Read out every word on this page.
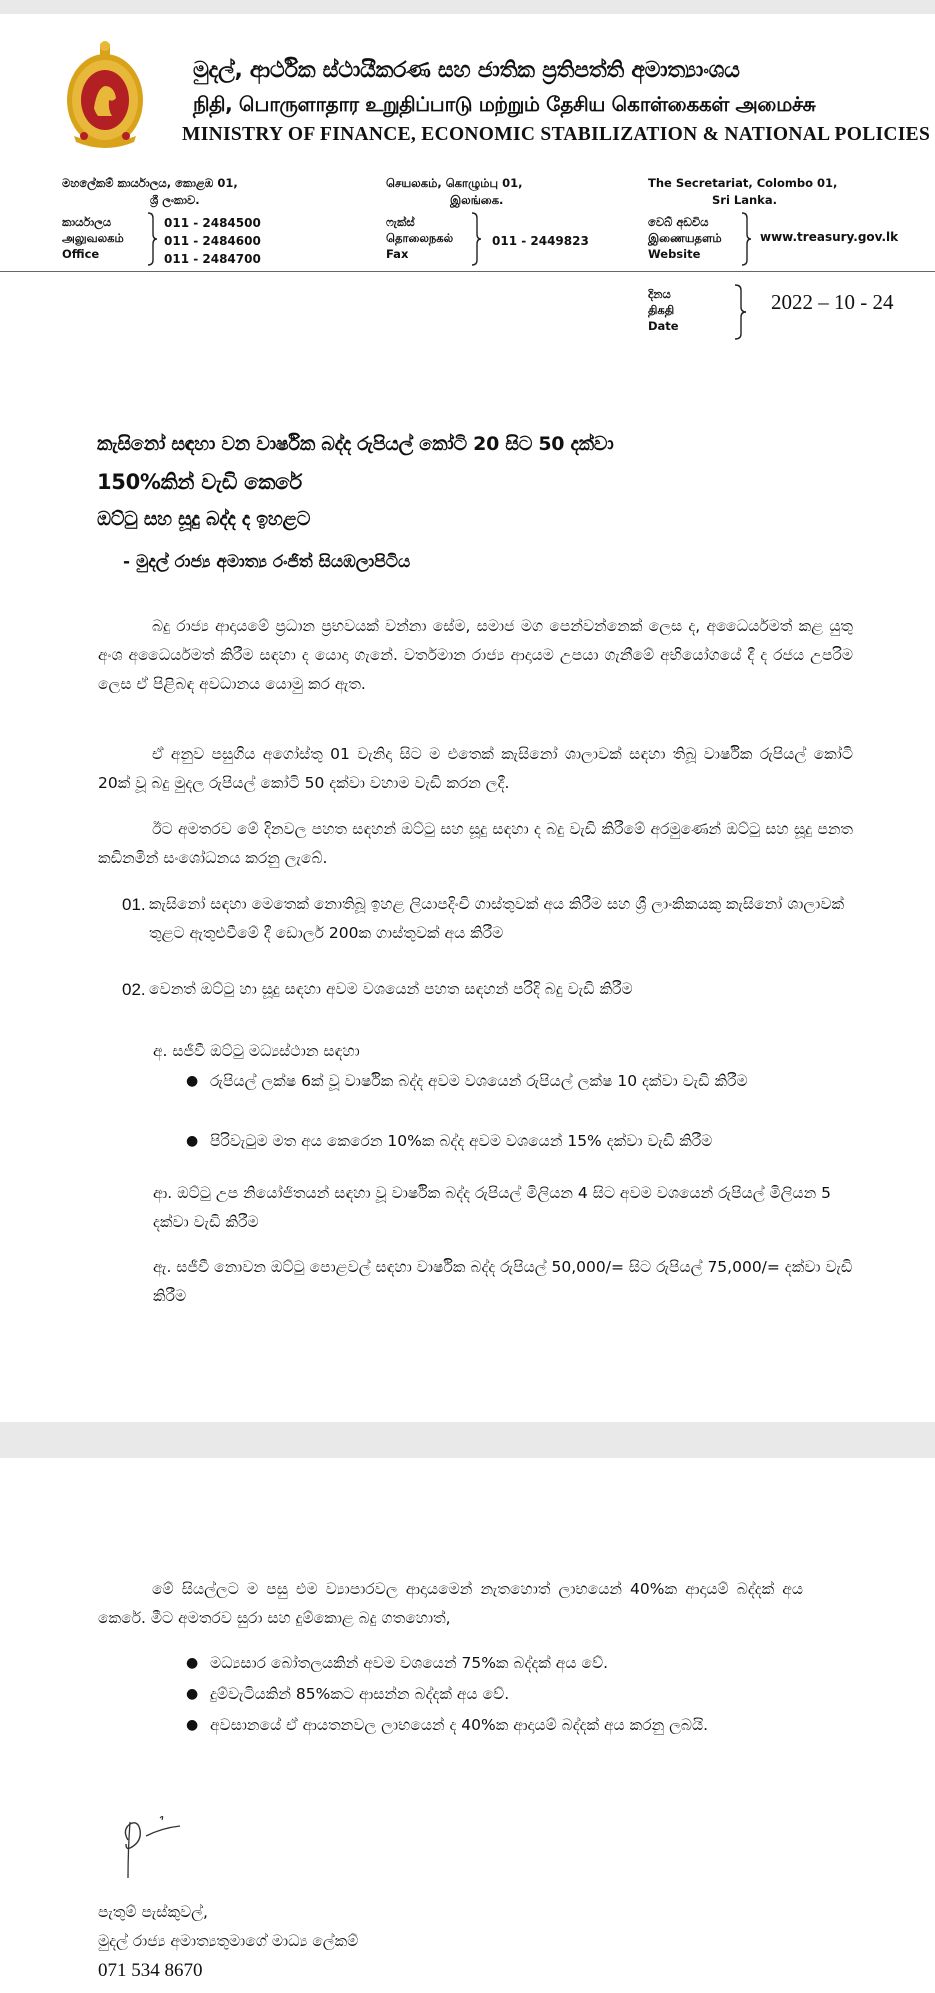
මුදල්, ආර්ථික ස්ථායීකරණ සහ ජාතික ප්‍රතිපත්ති අමාත්‍යාංශය
நிதி, பொருளாதார உறுதிப்பாடு மற்றும் தேசிய கொள்கைகள் அமைச்சு
MINISTRY OF FINANCE, ECONOMIC STABILIZATION & NATIONAL POLICIES
මහලේකම් කාර්යාලය, කොළඹ 01,
ශ්‍රී ලංකාව.
செயலகம், கொழும்பு 01,
இலங்கை.
The Secretariat, Colombo 01,
Sri Lanka.
කාර්යාලය
அலுவலகம்
Office
011 - 2484500
011 - 2484600
011 - 2484700
ෆැක්ස්
தொலைநகல்
Fax
011 - 2449823
වෙබ් අඩවිය
இணையதளம்
Website
www.treasury.gov.lk
දිනය
திகதி
Date
2022 – 10 - 24
කැසිනෝ සඳහා වන වාර්ෂික බද්ද රුපියල් කෝටි 20 සිට 50 දක්වා
150%කින් වැඩි කෙරේ
ඔට්ටු සහ සූදු බද්ද ද ඉහළට
- මුදල් රාජ්‍ය අමාත්‍ය රංජිත් සියඹලාපිටිය
බදු රාජ්‍ය ආදායමේ ප්‍රධාන ප්‍රභවයක් වන්නා සේම, සමාජ මග පෙන්වන්නෙක් ලෙස ද, අධෛර්යමත් කළ යුතු අංශ අධෛර්යමත් කිරීම සඳහා ද යොදා ගැනේ. වර්තමාන රාජ්‍ය ආදායම උපයා ගැනීමේ අභියෝගයේ දී ද රජය උපරිම ලෙස ඒ පිළිබඳ අවධානය යොමු කර ඇත.
ඒ අනුව පසුගිය අගෝස්තු 01 වැනිදා සිට ම එතෙක් කැසිනෝ ශාලාවක් සඳහා තිබූ වාර්ෂික රුපියල් කෝටි 20ක් වූ බදු මුදල රුපියල් කෝටි 50 දක්වා වහාම වැඩි කරන ලදී.
ඊට අමතරව මේ දිනවල පහත සඳහන් ඔට්ටු සහ සූදු සඳහා ද බදු වැඩි කිරීමේ අරමුණෙන් ඔට්ටු සහ සූදු පනත කඩිනමින් සංශෝධනය කරනු ලැබේ.
01. කැසිනෝ සඳහා මෙතෙක් නොතිබූ ඉහළ ලියාපදිංචි ගාස්තුවක් අය කිරීම සහ ශ්‍රී ලාංකිකයකු කැසිනෝ ශාලාවක් තුළට ඇතුළුවීමේ දී ඩොලර් 200ක ගාස්තුවක් අය කිරීම
02. වෙනත් ඔට්ටු හා සූදු සඳහා අවම වශයෙන් පහත සඳහන් පරිදි බදු වැඩි කිරීම
අ. සජීවී ඔට්ටු මධ්‍යස්ථාන සඳහා
● රුපියල් ලක්ෂ 6ක් වූ වාර්ෂික බද්ද අවම වශයෙන් රුපියල් ලක්ෂ 10 දක්වා වැඩි කිරීම
● පිරිවැටුම මත අය කෙරෙන 10%ක බද්ද අවම වශයෙන් 15% දක්වා වැඩි කිරීම
ආ. ඔට්ටු උප නියෝජිතයන් සඳහා වූ වාර්ෂික බද්ද රුපියල් මිලියන 4 සිට අවම වශයෙන් රුපියල් මිලියන 5 දක්වා වැඩි කිරීම
ඇ. සජීවී නොවන ඔට්ටු පොළවල් සඳහා වාර්ෂික බද්ද රුපියල් 50,000/= සිට රුපියල් 75,000/= දක්වා වැඩි කිරීම
මේ සියල්ලට ම පසු එම ව්‍යාපාරවල ආදායමෙන් නැතහොත් ලාභයෙන් 40%ක ආදායම් බද්දක් අය කෙරේ. මීට අමතරව සුරා සහ දුම්කොළ බදු ගතහොත්,
● මධ්‍යසාර බෝතලයකින් අවම වශයෙන් 75%ක බද්දක් අය වේ.
● දුම්වැටියකින් 85%කට ආසන්න බද්දක් අය වේ.
● අවසානයේ ඒ ආයතනවල ලාභයෙන් ද 40%ක ආදායම් බද්දක් අය කරනු ලබයි.
පැතුම් පැස්කුවල්,
මුදල් රාජ්‍ය අමාත්‍යතුමාගේ මාධ්‍ය ලේකම්
071 534 8670
